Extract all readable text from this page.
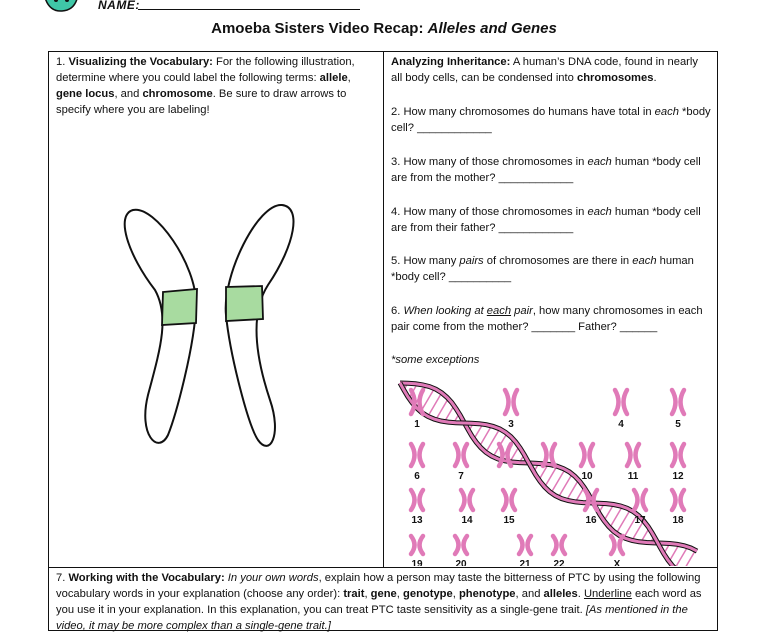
NAME:
Amoeba Sisters Video Recap: Alleles and Genes
1. Visualizing the Vocabulary: For the following illustration, determine where you could label the following terms: allele, gene locus, and chromosome. Be sure to draw arrows to specify where you are labeling!
Analyzing Inheritance: A human’s DNA code, found in nearly all body cells, can be condensed into chromosomes.
2. How many chromosomes do humans have total in each *body cell? ____________
3. How many of those chromosomes in each human *body cell are from the mother? ____________
4. How many of those chromosomes in each human *body cell are from their father? ____________
5. How many pairs of chromosomes are there in each human *body cell? __________
6. When looking at each pair, how many chromosomes in each pair come from the mother? _______ Father? ______
*some exceptions
1	3	4	5
6	7	10	11	12
13	14	15	16	17	18
19	20	21 22	X
7. Working with the Vocabulary: In your own words, explain how a person may taste the bitterness of PTC by using the following vocabulary words in your explanation (choose any order): trait, gene, genotype, phenotype, and alleles. Underline each word as you use it in your explanation. In this explanation, you can treat PTC taste sensitivity as a single-gene trait. [As mentioned in the video, it may be more complex than a single-gene trait.]
